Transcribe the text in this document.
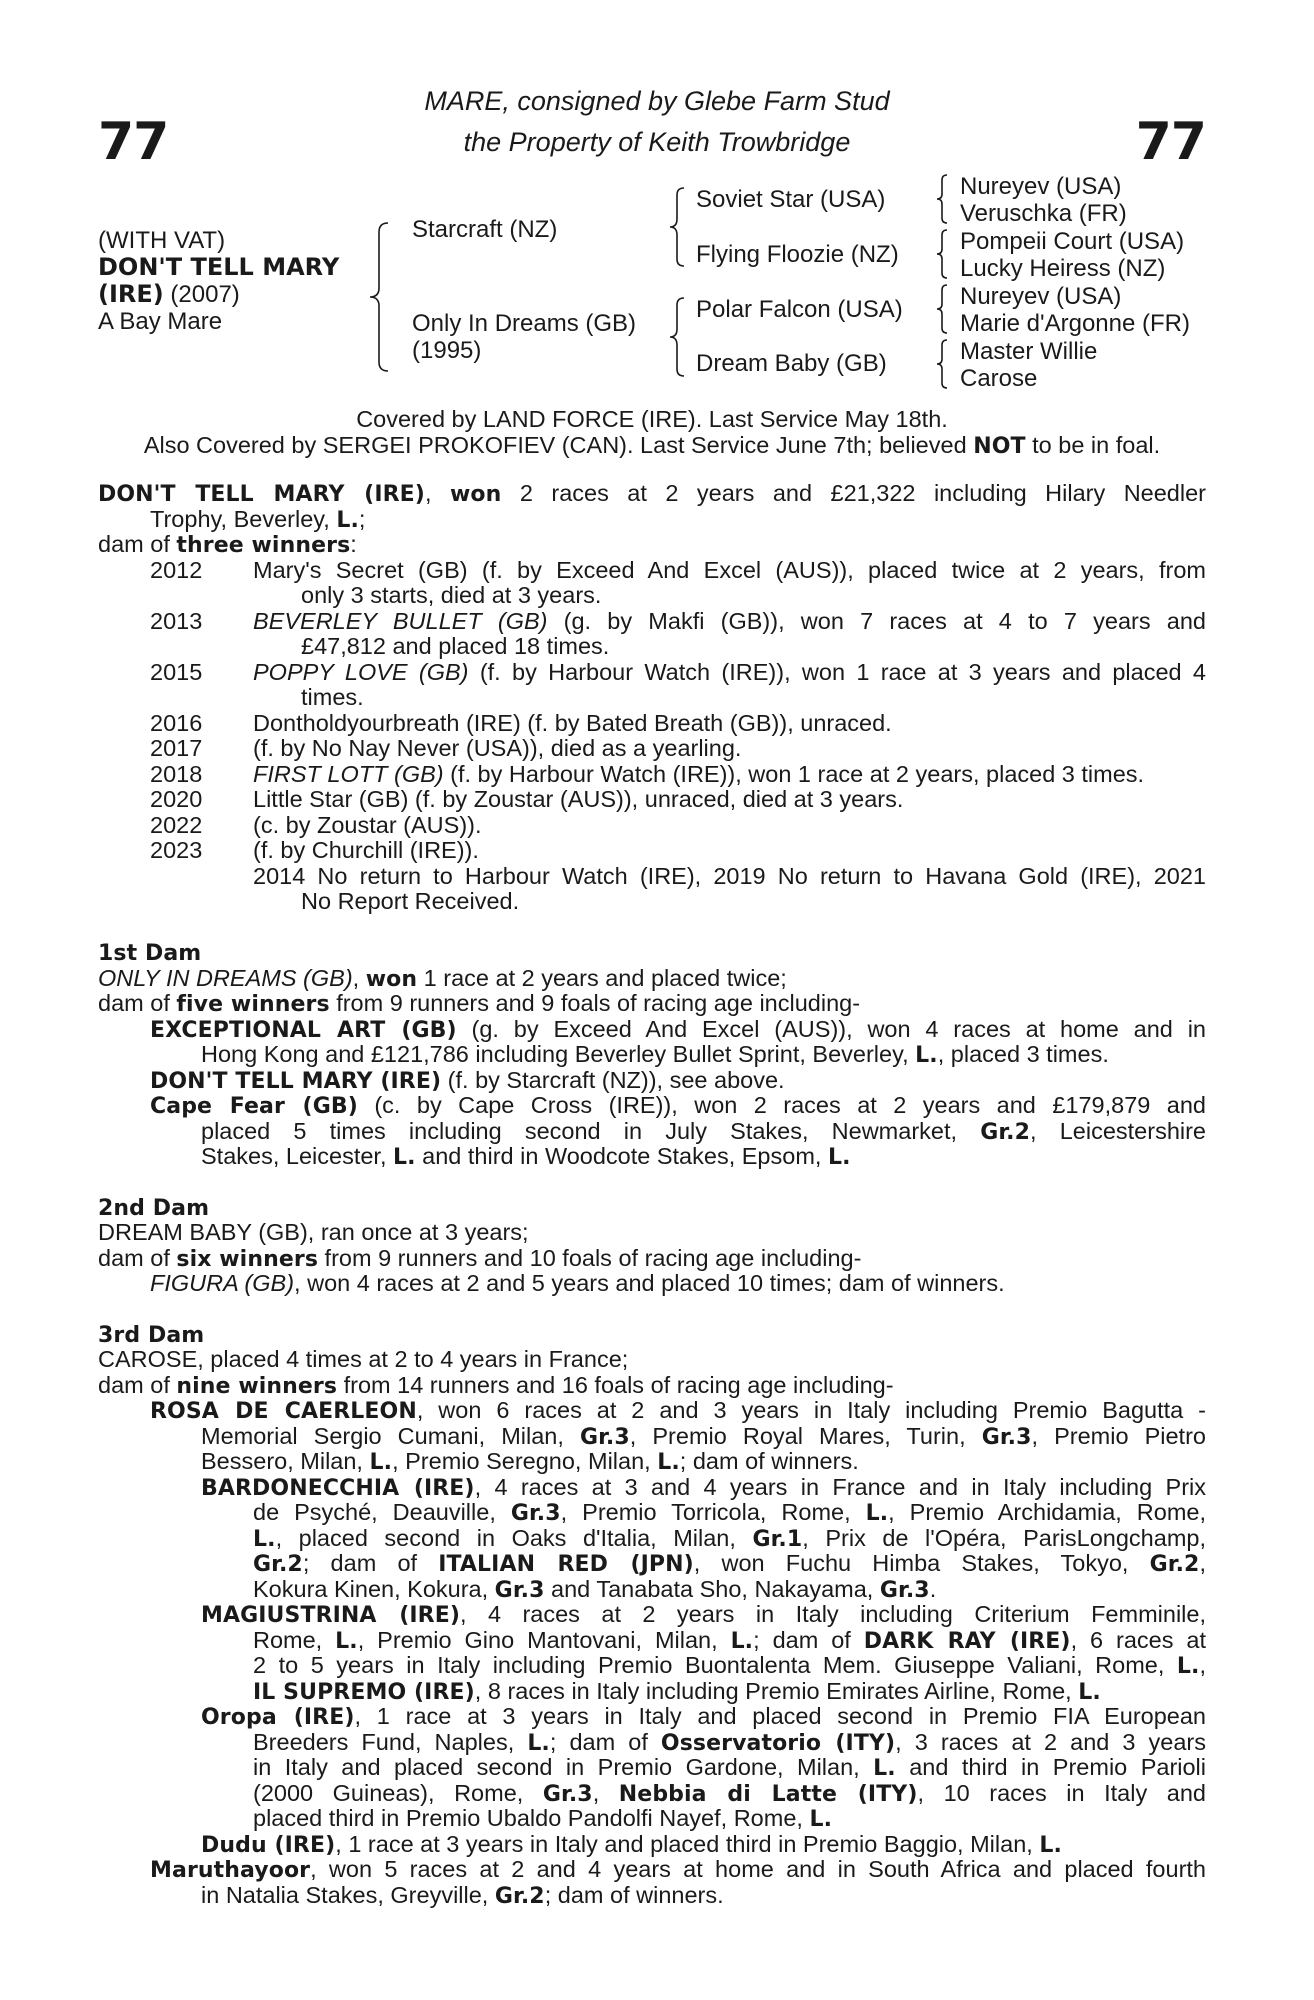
77	77
MARE, consigned by Glebe Farm Stud
the Property of Keith Trowbridge
(WITH VAT)
DON'T TELL MARY
(IRE) (2007)
A Bay Mare
Starcraft (NZ)
Only In Dreams (GB)
(1995)
Soviet Star (USA)
Flying Floozie (NZ)
Polar Falcon (USA)
Dream Baby (GB)
Nureyev (USA)
Veruschka (FR)
Pompeii Court (USA)
Lucky Heiress (NZ)
Nureyev (USA)
Marie d'Argonne (FR)
Master Willie
Carose
Covered by LAND FORCE (IRE). Last Service May 18th.
Also Covered by SERGEI PROKOFIEV (CAN). Last Service June 7th; believed NOT to be in foal.
DON'T TELL MARY (IRE), won 2 races at 2 years and £21,322 including Hilary Needler
Trophy, Beverley, L.;
dam of three winners:
2012 Mary's Secret (GB) (f. by Exceed And Excel (AUS)), placed twice at 2 years, from
only 3 starts, died at 3 years.
2013 BEVERLEY BULLET (GB) (g. by Makfi (GB)), won 7 races at 4 to 7 years and
£47,812 and placed 18 times.
2015 POPPY LOVE (GB) (f. by Harbour Watch (IRE)), won 1 race at 3 years and placed 4
times.
2016 Dontholdyourbreath (IRE) (f. by Bated Breath (GB)), unraced.
2017 (f. by No Nay Never (USA)), died as a yearling.
2018 FIRST LOTT (GB) (f. by Harbour Watch (IRE)), won 1 race at 2 years, placed 3 times.
2020 Little Star (GB) (f. by Zoustar (AUS)), unraced, died at 3 years.
2022 (c. by Zoustar (AUS)).
2023 (f. by Churchill (IRE)).
2014 No return to Harbour Watch (IRE), 2019 No return to Havana Gold (IRE), 2021
No Report Received.
1st Dam
ONLY IN DREAMS (GB), won 1 race at 2 years and placed twice;
dam of five winners from 9 runners and 9 foals of racing age including-
EXCEPTIONAL ART (GB) (g. by Exceed And Excel (AUS)), won 4 races at home and in
Hong Kong and £121,786 including Beverley Bullet Sprint, Beverley, L., placed 3 times.
DON'T TELL MARY (IRE) (f. by Starcraft (NZ)), see above.
Cape Fear (GB) (c. by Cape Cross (IRE)), won 2 races at 2 years and £179,879 and
placed 5 times including second in July Stakes, Newmarket, Gr.2, Leicestershire
Stakes, Leicester, L. and third in Woodcote Stakes, Epsom, L.
2nd Dam
DREAM BABY (GB), ran once at 3 years;
dam of six winners from 9 runners and 10 foals of racing age including-
FIGURA (GB), won 4 races at 2 and 5 years and placed 10 times; dam of winners.
3rd Dam
CAROSE, placed 4 times at 2 to 4 years in France;
dam of nine winners from 14 runners and 16 foals of racing age including-
ROSA DE CAERLEON, won 6 races at 2 and 3 years in Italy including Premio Bagutta -
Memorial Sergio Cumani, Milan, Gr.3, Premio Royal Mares, Turin, Gr.3, Premio Pietro
Bessero, Milan, L., Premio Seregno, Milan, L.; dam of winners.
BARDONECCHIA (IRE), 4 races at 3 and 4 years in France and in Italy including Prix
de Psyché, Deauville, Gr.3, Premio Torricola, Rome, L., Premio Archidamia, Rome,
L., placed second in Oaks d'Italia, Milan, Gr.1, Prix de l'Opéra, ParisLongchamp,
Gr.2; dam of ITALIAN RED (JPN), won Fuchu Himba Stakes, Tokyo, Gr.2,
Kokura Kinen, Kokura, Gr.3 and Tanabata Sho, Nakayama, Gr.3.
MAGIUSTRINA (IRE), 4 races at 2 years in Italy including Criterium Femminile,
Rome, L., Premio Gino Mantovani, Milan, L.; dam of DARK RAY (IRE), 6 races at
2 to 5 years in Italy including Premio Buontalenta Mem. Giuseppe Valiani, Rome, L.,
IL SUPREMO (IRE), 8 races in Italy including Premio Emirates Airline, Rome, L.
Oropa (IRE), 1 race at 3 years in Italy and placed second in Premio FIA European
Breeders Fund, Naples, L.; dam of Osservatorio (ITY), 3 races at 2 and 3 years
in Italy and placed second in Premio Gardone, Milan, L. and third in Premio Parioli
(2000 Guineas), Rome, Gr.3, Nebbia di Latte (ITY), 10 races in Italy and
placed third in Premio Ubaldo Pandolfi Nayef, Rome, L.
Dudu (IRE), 1 race at 3 years in Italy and placed third in Premio Baggio, Milan, L.
Maruthayoor, won 5 races at 2 and 4 years at home and in South Africa and placed fourth
in Natalia Stakes, Greyville, Gr.2; dam of winners.
